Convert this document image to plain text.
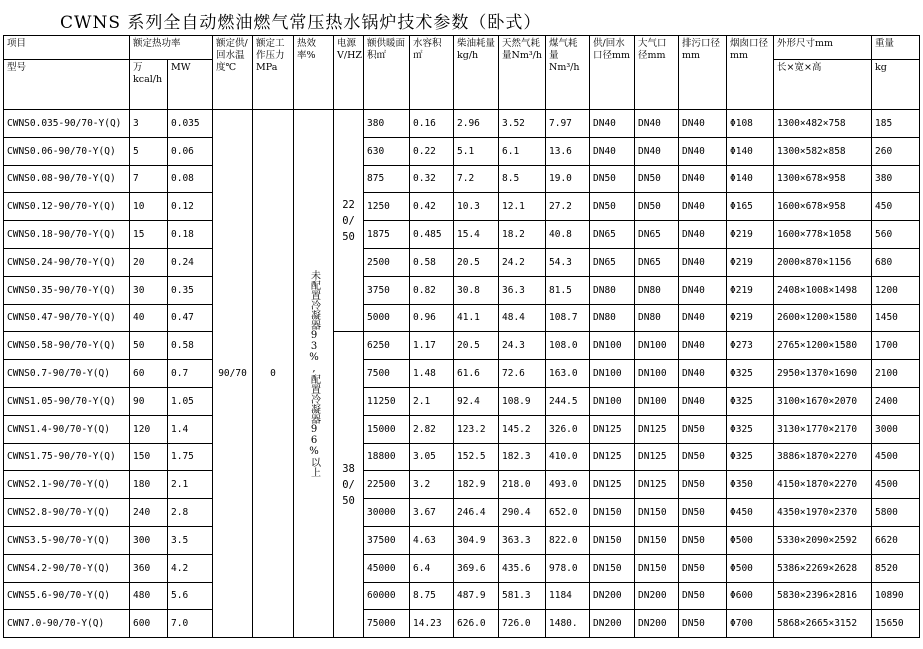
CWNS 系列全自动燃油燃气常压热水锅炉技术参数（卧式）
项目	额定热功率		额定供/回水温度℃	额定工作压力MPa	热效率%	电源V/HZ	额供暖面积㎡	水容积㎡	柴油耗量kg/h	天然气耗量Nm³/h	煤气耗量Nm³/h	供/回水口径mm	大气口径mm	排污口径mm	烟囱口径mm	外形尺寸mm	重量
型号	万kcal/h	MW														长×宽×高	kg
CWNS0.035-90/70-Y(Q)	3	0.035	90/70	0	未配置冷凝器93%,配置冷凝器96%以上	220/50	380	0.16	2.96	3.52	7.97	DN40	DN40	DN40	Φ108	1300×482×758	185
CWNS0.06-90/70-Y(Q)	5	0.06					630	0.22	5.1	6.1	13.6	DN40	DN40	DN40	Φ140	1300×582×858	260
CWNS0.08-90/70-Y(Q)	7	0.08					875	0.32	7.2	8.5	19.0	DN50	DN50	DN40	Φ140	1300×678×958	380
CWNS0.12-90/70-Y(Q)	10	0.12					1250	0.42	10.3	12.1	27.2	DN50	DN50	DN40	Φ165	1600×678×958	450
CWNS0.18-90/70-Y(Q)	15	0.18					1875	0.485	15.4	18.2	40.8	DN65	DN65	DN40	Φ219	1600×778×1058	560
CWNS0.24-90/70-Y(Q)	20	0.24					2500	0.58	20.5	24.2	54.3	DN65	DN65	DN40	Φ219	2000×870×1156	680
CWNS0.35-90/70-Y(Q)	30	0.35					3750	0.82	30.8	36.3	81.5	DN80	DN80	DN40	Φ219	2408×1008×1498	1200
CWNS0.47-90/70-Y(Q)	40	0.47					5000	0.96	41.1	48.4	108.7	DN80	DN80	DN40	Φ219	2600×1200×1580	1450
CWNS0.58-90/70-Y(Q)	50	0.58				380/50	6250	1.17	20.5	24.3	108.0	DN100	DN100	DN40	Φ273	2765×1200×1580	1700
CWNS0.7-90/70-Y(Q)	60	0.7					7500	1.48	61.6	72.6	163.0	DN100	DN100	DN40	Φ325	2950×1370×1690	2100
CWNS1.05-90/70-Y(Q)	90	1.05					11250	2.1	92.4	108.9	244.5	DN100	DN100	DN40	Φ325	3100×1670×2070	2400
CWNS1.4-90/70-Y(Q)	120	1.4					15000	2.82	123.2	145.2	326.0	DN125	DN125	DN50	Φ325	3130×1770×2170	3000
CWNS1.75-90/70-Y(Q)	150	1.75					18800	3.05	152.5	182.3	410.0	DN125	DN125	DN50	Φ325	3886×1870×2270	4500
CWNS2.1-90/70-Y(Q)	180	2.1					22500	3.2	182.9	218.0	493.0	DN125	DN125	DN50	Φ350	4150×1870×2270	4500
CWNS2.8-90/70-Y(Q)	240	2.8					30000	3.67	246.4	290.4	652.0	DN150	DN150	DN50	Φ450	4350×1970×2370	5800
CWNS3.5-90/70-Y(Q)	300	3.5					37500	4.63	304.9	363.3	822.0	DN150	DN150	DN50	Φ500	5330×2090×2592	6620
CWNS4.2-90/70-Y(Q)	360	4.2					45000	6.4	369.6	435.6	978.0	DN150	DN150	DN50	Φ500	5386×2269×2628	8520
CWNS5.6-90/70-Y(Q)	480	5.6					60000	8.75	487.9	581.3	1184	DN200	DN200	DN50	Φ600	5830×2396×2816	10890
CWN7.0-90/70-Y(Q)	600	7.0					75000	14.23	626.0	726.0	1480.	DN200	DN200	DN50	Φ700	5868×2665×3152	15650
